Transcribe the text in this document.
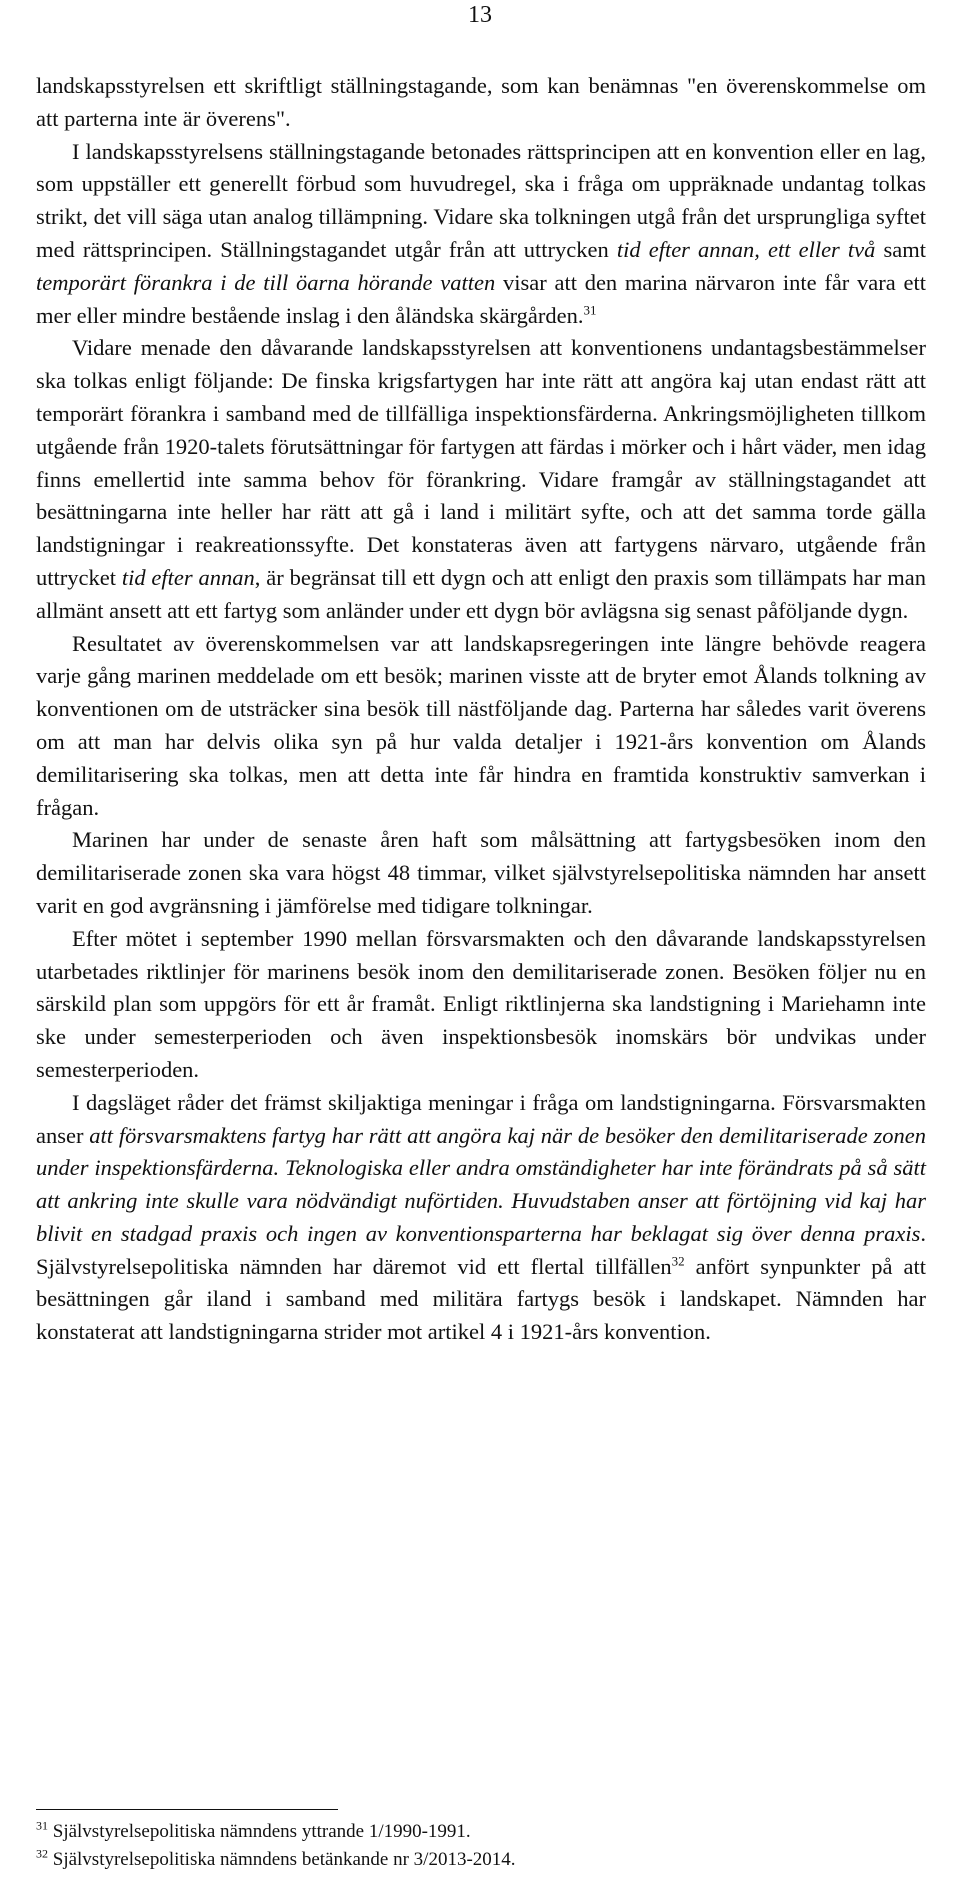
13

landskapsstyrelsen ett skriftligt ställningstagande, som kan benämnas "en överenskommelse om att parterna inte är överens".

I landskapsstyrelsens ställningstagande betonades rättsprincipen att en konvention eller en lag, som uppställer ett generellt förbud som huvudregel, ska i fråga om uppräknade undantag tolkas strikt, det vill säga utan analog tillämpning. Vidare ska tolkningen utgå från det ursprungliga syftet med rättsprincipen. Ställningstagandet utgår från att uttrycken tid efter annan, ett eller två samt temporärt förankra i de till öarna hörande vatten visar att den marina närvaron inte får vara ett mer eller mindre bestående inslag i den åländska skärgården.$^{31}$

Vidare menade den dåvarande landskapsstyrelsen att konventionens undantagsbestämmelser ska tolkas enligt följande: De finska krigsfartygen har inte rätt att angöra kaj utan endast rätt att temporärt förankra i samband med de tillfälliga inspektionsfärderna. Ankringsmöjligheten tillkom utgående från 1920-talets förutsättningar för fartygen att färdas i mörker och i hårt väder, men idag finns emellertid inte samma behov för förankring. Vidare framgår av ställningstagandet att besättningarna inte heller har rätt att gå i land i militärt syfte, och att det samma torde gälla landstigningar i reakreationssyfte. Det konstateras även att fartygens närvaro, utgående från uttrycket tid efter annan, är begränsat till ett dygn och att enligt den praxis som tillämpats har man allmänt ansett att ett fartyg som anländer under ett dygn bör avlägsna sig senast påföljande dygn.

Resultatet av överenskommelsen var att landskapsregeringen inte längre behövde reagera varje gång marinen meddelade om ett besök; marinen visste att de bryter emot Ålands tolkning av konventionen om de utsträcker sina besök till nästföljande dag. Parterna har således varit överens om att man har delvis olika syn på hur valda detaljer i 1921-års konvention om Ålands demilitarisering ska tolkas, men att detta inte får hindra en framtida konstruktiv samverkan i frågan.

Marinen har under de senaste åren haft som målsättning att fartygsbesöken inom den demilitariserade zonen ska vara högst 48 timmar, vilket självstyrelsepolitiska nämnden har ansett varit en god avgränsning i jämförelse med tidigare tolkningar.

Efter mötet i september 1990 mellan försvarsmakten och den dåvarande landskapsstyrelsen utarbetades riktlinjer för marinens besök inom den demilitariserade zonen. Besöken följer nu en särskild plan som uppgörs för ett år framåt. Enligt riktlinjerna ska landstigning i Mariehamn inte ske under semesterperioden och även inspektionsbesök inomskärs bör undvikas under semesterperioden.

I dagsläget råder det främst skiljaktiga meningar i fråga om landstigningarna. Försvarsmakten anser att försvarsmaktens fartyg har rätt att angöra kaj när de besöker den demilitariserade zonen under inspektionsfärderna. Teknologiska eller andra omständigheter har inte förändrats på så sätt att ankring inte skulle vara nödvändigt nuförtiden. Huvudstaben anser att förtöjning vid kaj har blivit en stadgad praxis och ingen av konventionsparterna har beklagat sig över denna praxis. Självstyrelsepolitiska nämnden har däremot vid ett flertal tillfällen$^{32}$ anfört synpunkter på att besättningen går iland i samband med militära fartygs besök i landskapet. Nämnden har konstaterat att landstigningarna strider mot artikel 4 i 1921-års konvention.

$^{31}$ Självstyrelsepolitiska nämndens yttrande 1/1990-1991.

$^{32}$ Självstyrelsepolitiska nämndens betänkande nr 3/2013-2014.
